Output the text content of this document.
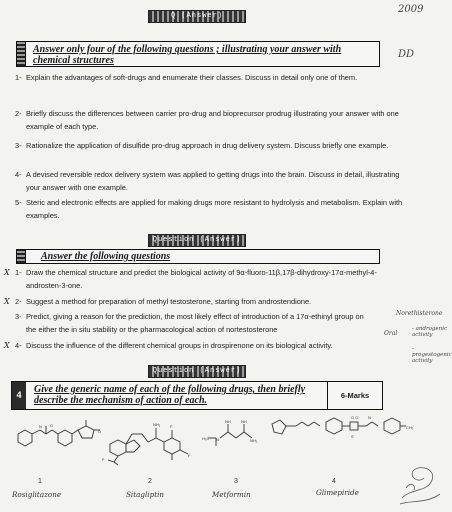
Q (Answer)
2009
DD
Answer only four of the following questions ; illustrating your answer with chemical structures
1- Explain the advantages of soft-drugs and enumerate their classes. Discuss in detail only one of them.
2- Briefly discuss the differences between carrier pro-drug and bioprecursor prodrug illustrating your answer with one example of each type.
3- Rationalize the application of disulfide pro-drug approach in drug delivery system. Discuss briefly one example.
4- A devised reversible redox delivery system was applied to getting drugs into the brain. Discuss in detail, illustrating your answer with one example.
5- Steric and electronic effects are applied for making drugs more resistant to hydrolysis and metabolism. Explain with examples.
Question (Answer)
Answer the following questions
X 1- Draw the chemical structure and predict the biological activity of 9α-fluoro-11β,17β-dihydroxy-17α-methyl-4-androsten-3-one.
X 2- Suggest a method for preparation of methyl testosterone, starting from androstendione.
3- Predict, giving a reason for the prediction, the most likely effect of introduction of a 17α-ethinyl group on the either the in situ stability or the pharmacological action of nortestosterone
X 4- Discuss the influence of the different chemical groups in drospirenone on its biological activity.
Norethisterone
Oral
- androgenic activity
- progestogenic activity
Question (Answer)
4	Give the generic name of each of the following drugs, then briefly describe the mechanism of action of each.	6-Marks
N O
O
F
NH₂ F
F
H₃C N
NH	NH
NH₂
O O
S
N
CH₃
1
Rosiglitazone
2
Sitagliptin
3
Metformin
4
Glimepiride
